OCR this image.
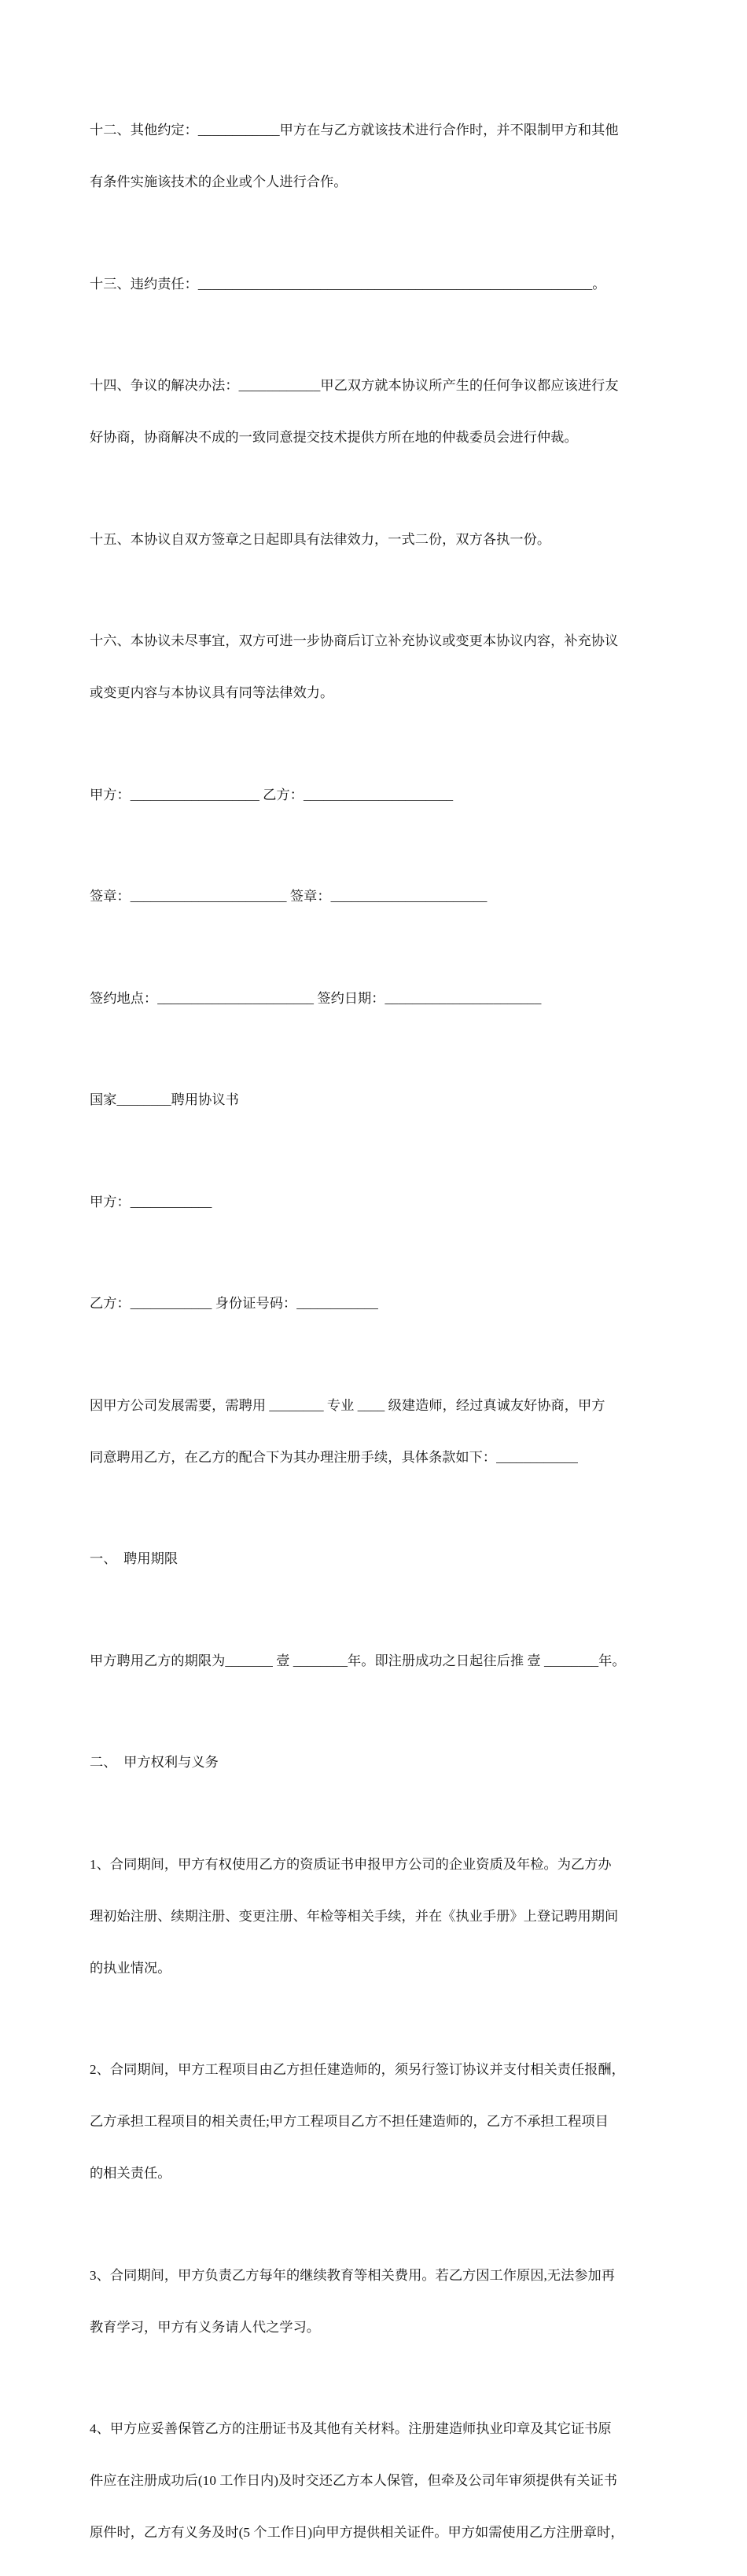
十二、其他约定：____________甲方在与乙方就该技术进行合作时，并不限制甲方和其他

有条件实施该技术的企业或个人进行合作。

十三、违约责任：__________________________________________________________。

十四、争议的解决办法：____________甲乙双方就本协议所产生的任何争议都应该进行友

好协商，协商解决不成的一致同意提交技术提供方所在地的仲裁委员会进行仲裁。

十五、本协议自双方签章之日起即具有法律效力，一式二份，双方各执一份。

十六、本协议未尽事宜，双方可进一步协商后订立补充协议或变更本协议内容，补充协议

或变更内容与本协议具有同等法律效力。

甲方：___________________ 乙方：______________________

签章：_______________________ 签章：_______________________

签约地点：_______________________ 签约日期：_______________________

国家________聘用协议书

甲方：____________

乙方：____________ 身份证号码：____________

因甲方公司发展需要，需聘用 ________ 专业 ____ 级建造师，经过真诚友好协商，甲方

同意聘用乙方，在乙方的配合下为其办理注册手续，具体条款如下：____________

一、  聘用期限

甲方聘用乙方的期限为_______ 壹 ________年。即注册成功之日起往后推 壹 ________年。

二、  甲方权利与义务

1、合同期间，甲方有权使用乙方的资质证书申报甲方公司的企业资质及年检。为乙方办

理初始注册、续期注册、变更注册、年检等相关手续，并在《执业手册》上登记聘用期间

的执业情况。

2、合同期间，甲方工程项目由乙方担任建造师的，须另行签订协议并支付相关责任报酬，

乙方承担工程项目的相关责任;甲方工程项目乙方不担任建造师的，乙方不承担工程项目

的相关责任。

3、合同期间，甲方负责乙方每年的继续教育等相关费用。若乙方因工作原因,无法参加再

教育学习，甲方有义务请人代之学习。

4、甲方应妥善保管乙方的注册证书及其他有关材料。注册建造师执业印章及其它证书原

件应在注册成功后(10 工作日内)及时交还乙方本人保管，但牵及公司年审须提供有关证书

原件时，乙方有义务及时(5 个工作日)向甲方提供相关证件。甲方如需使用乙方注册章时，
